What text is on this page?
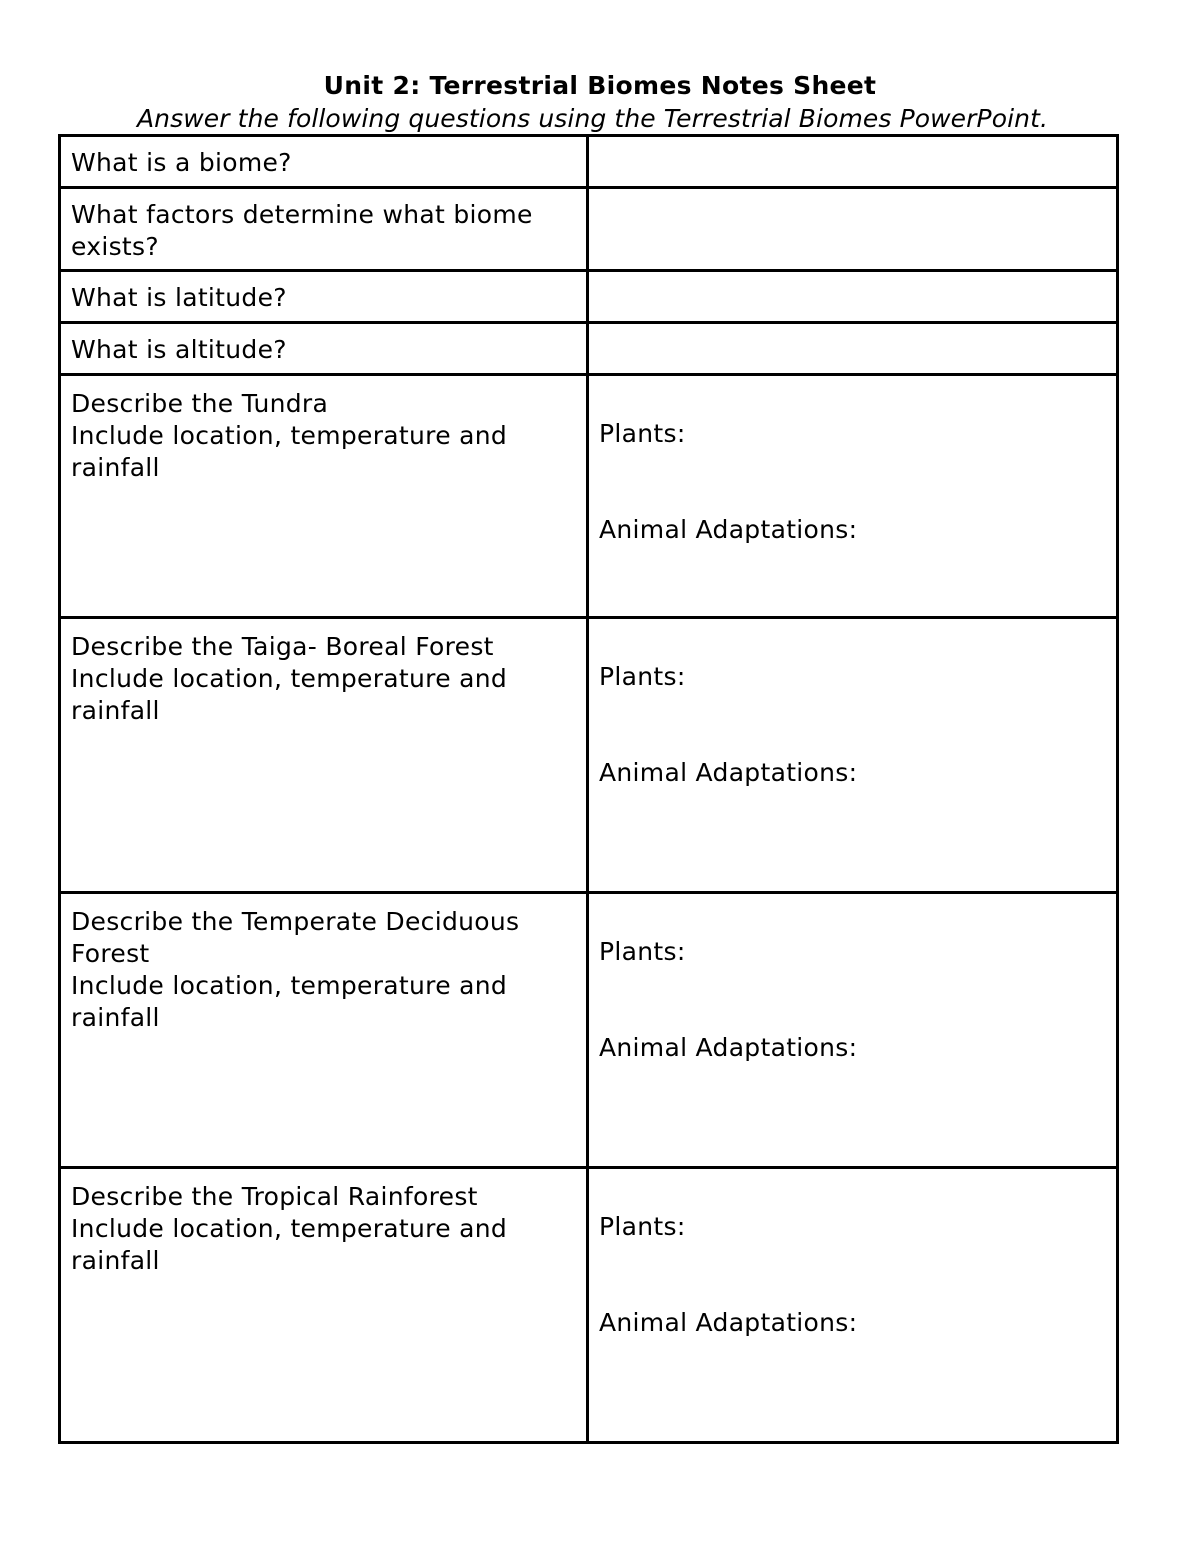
Unit 2: Terrestrial Biomes Notes Sheet
Answer the following questions using the Terrestrial Biomes PowerPoint.
What is a biome?	

What factors determine what biome
exists?	

What is latitude?	

What is altitude?	

Describe the Tundra
Include location, temperature and
rainfall	Plants:
Animal Adaptations:

Describe the Taiga- Boreal Forest
Include location, temperature and
rainfall	Plants:
Animal Adaptations:

Describe the Temperate Deciduous
Forest
Include location, temperature and
rainfall	Plants:
Animal Adaptations:

Describe the Tropical Rainforest
Include location, temperature and
rainfall	Plants:
Animal Adaptations:
